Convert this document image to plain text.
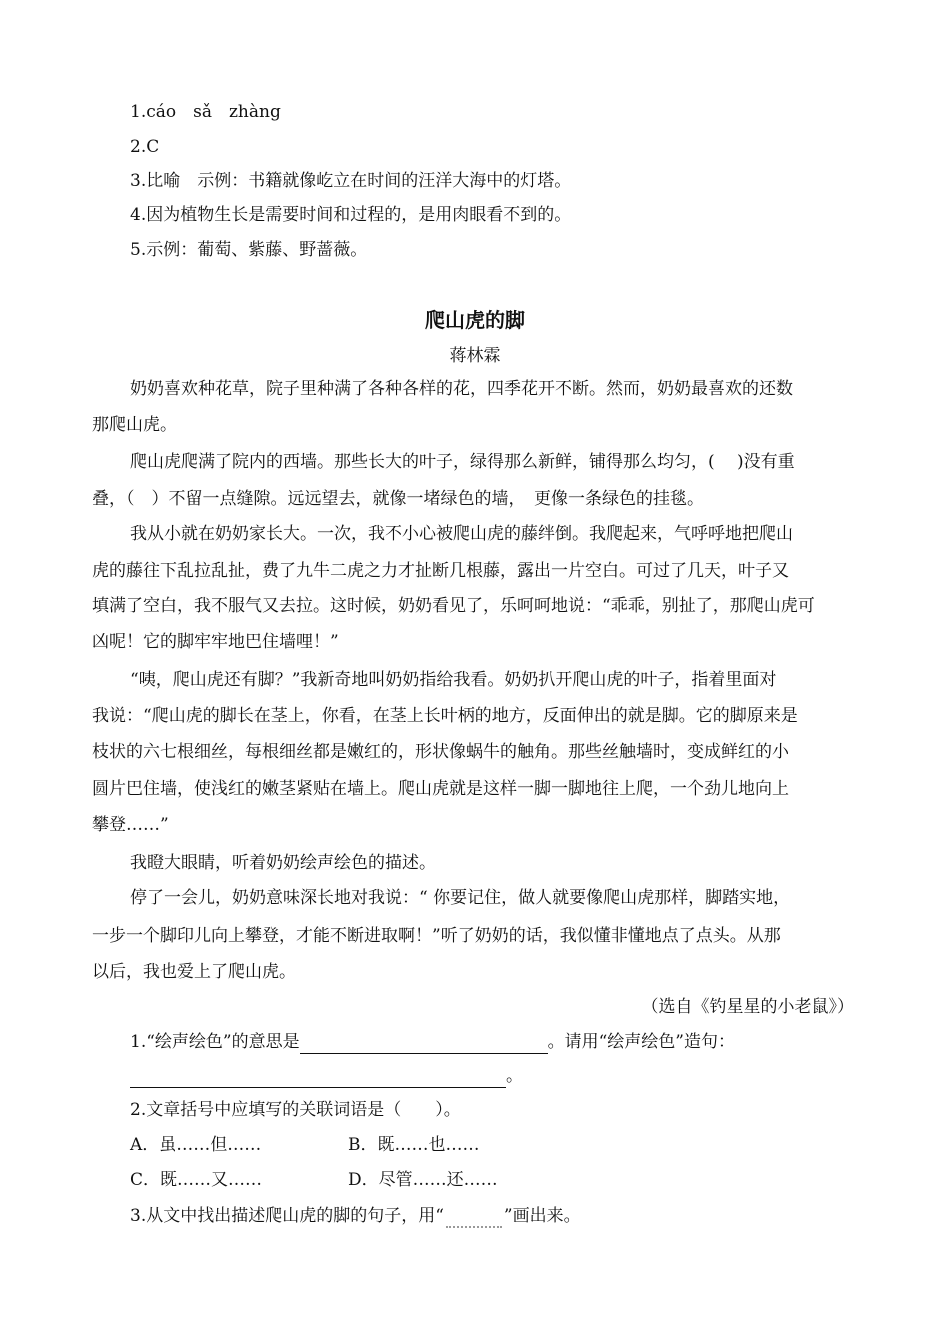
1.cáo　sǎ　zhàng
2.C
3.比喻　示例：书籍就像屹立在时间的汪洋大海中的灯塔。
4.因为植物生长是需要时间和过程的，是用肉眼看不到的。
5.示例：葡萄、紫藤、野蔷薇。
爬山虎的脚
蒋林霖
奶奶喜欢种花草，院子里种满了各种各样的花，四季花开不断。然而，奶奶最喜欢的还数
那爬山虎。
爬山虎爬满了院内的西墙。那些长大的叶子，绿得那么新鲜，铺得那么均匀，(　 )没有重
叠，（　）不留一点缝隙。远远望去，就像一堵绿色的墙，　更像一条绿色的挂毯。
我从小就在奶奶家长大。一次，我不小心被爬山虎的藤绊倒。我爬起来，气呼呼地把爬山
虎的藤往下乱拉乱扯，费了九牛二虎之力才扯断几根藤，露出一片空白。可过了几天，叶子又
填满了空白，我不服气又去拉。这时候，奶奶看见了，乐呵呵地说：“乖乖，别扯了，那爬山虎可
凶呢！它的脚牢牢地巴住墙哩！”
“咦，爬山虎还有脚？”我新奇地叫奶奶指给我看。奶奶扒开爬山虎的叶子，指着里面对
我说：“爬山虎的脚长在茎上，你看，在茎上长叶柄的地方，反面伸出的就是脚。它的脚原来是
枝状的六七根细丝，每根细丝都是嫩红的，形状像蜗牛的触角。那些丝触墙时，变成鲜红的小
圆片巴住墙，使浅红的嫩茎紧贴在墙上。爬山虎就是这样一脚一脚地往上爬，一个劲儿地向上
攀登……”
我瞪大眼睛，听着奶奶绘声绘色的描述。
停了一会儿，奶奶意味深长地对我说：“ 你要记住，做人就要像爬山虎那样，脚踏实地，
一步一个脚印儿向上攀登，才能不断进取啊！”听了奶奶的话，我似懂非懂地点了点头。从那
以后，我也爱上了爬山虎。
（选自《钓星星的小老鼠》）
1.“绘声绘色”的意思是	。请用“绘声绘色”造句：
。
2.文章括号中应填写的关联词语是（　　）。
A．虽……但……	B．既……也……
C．既……又……	D．尽管……还……
3.从文中找出描述爬山虎的脚的句子，用“	”画出来。
